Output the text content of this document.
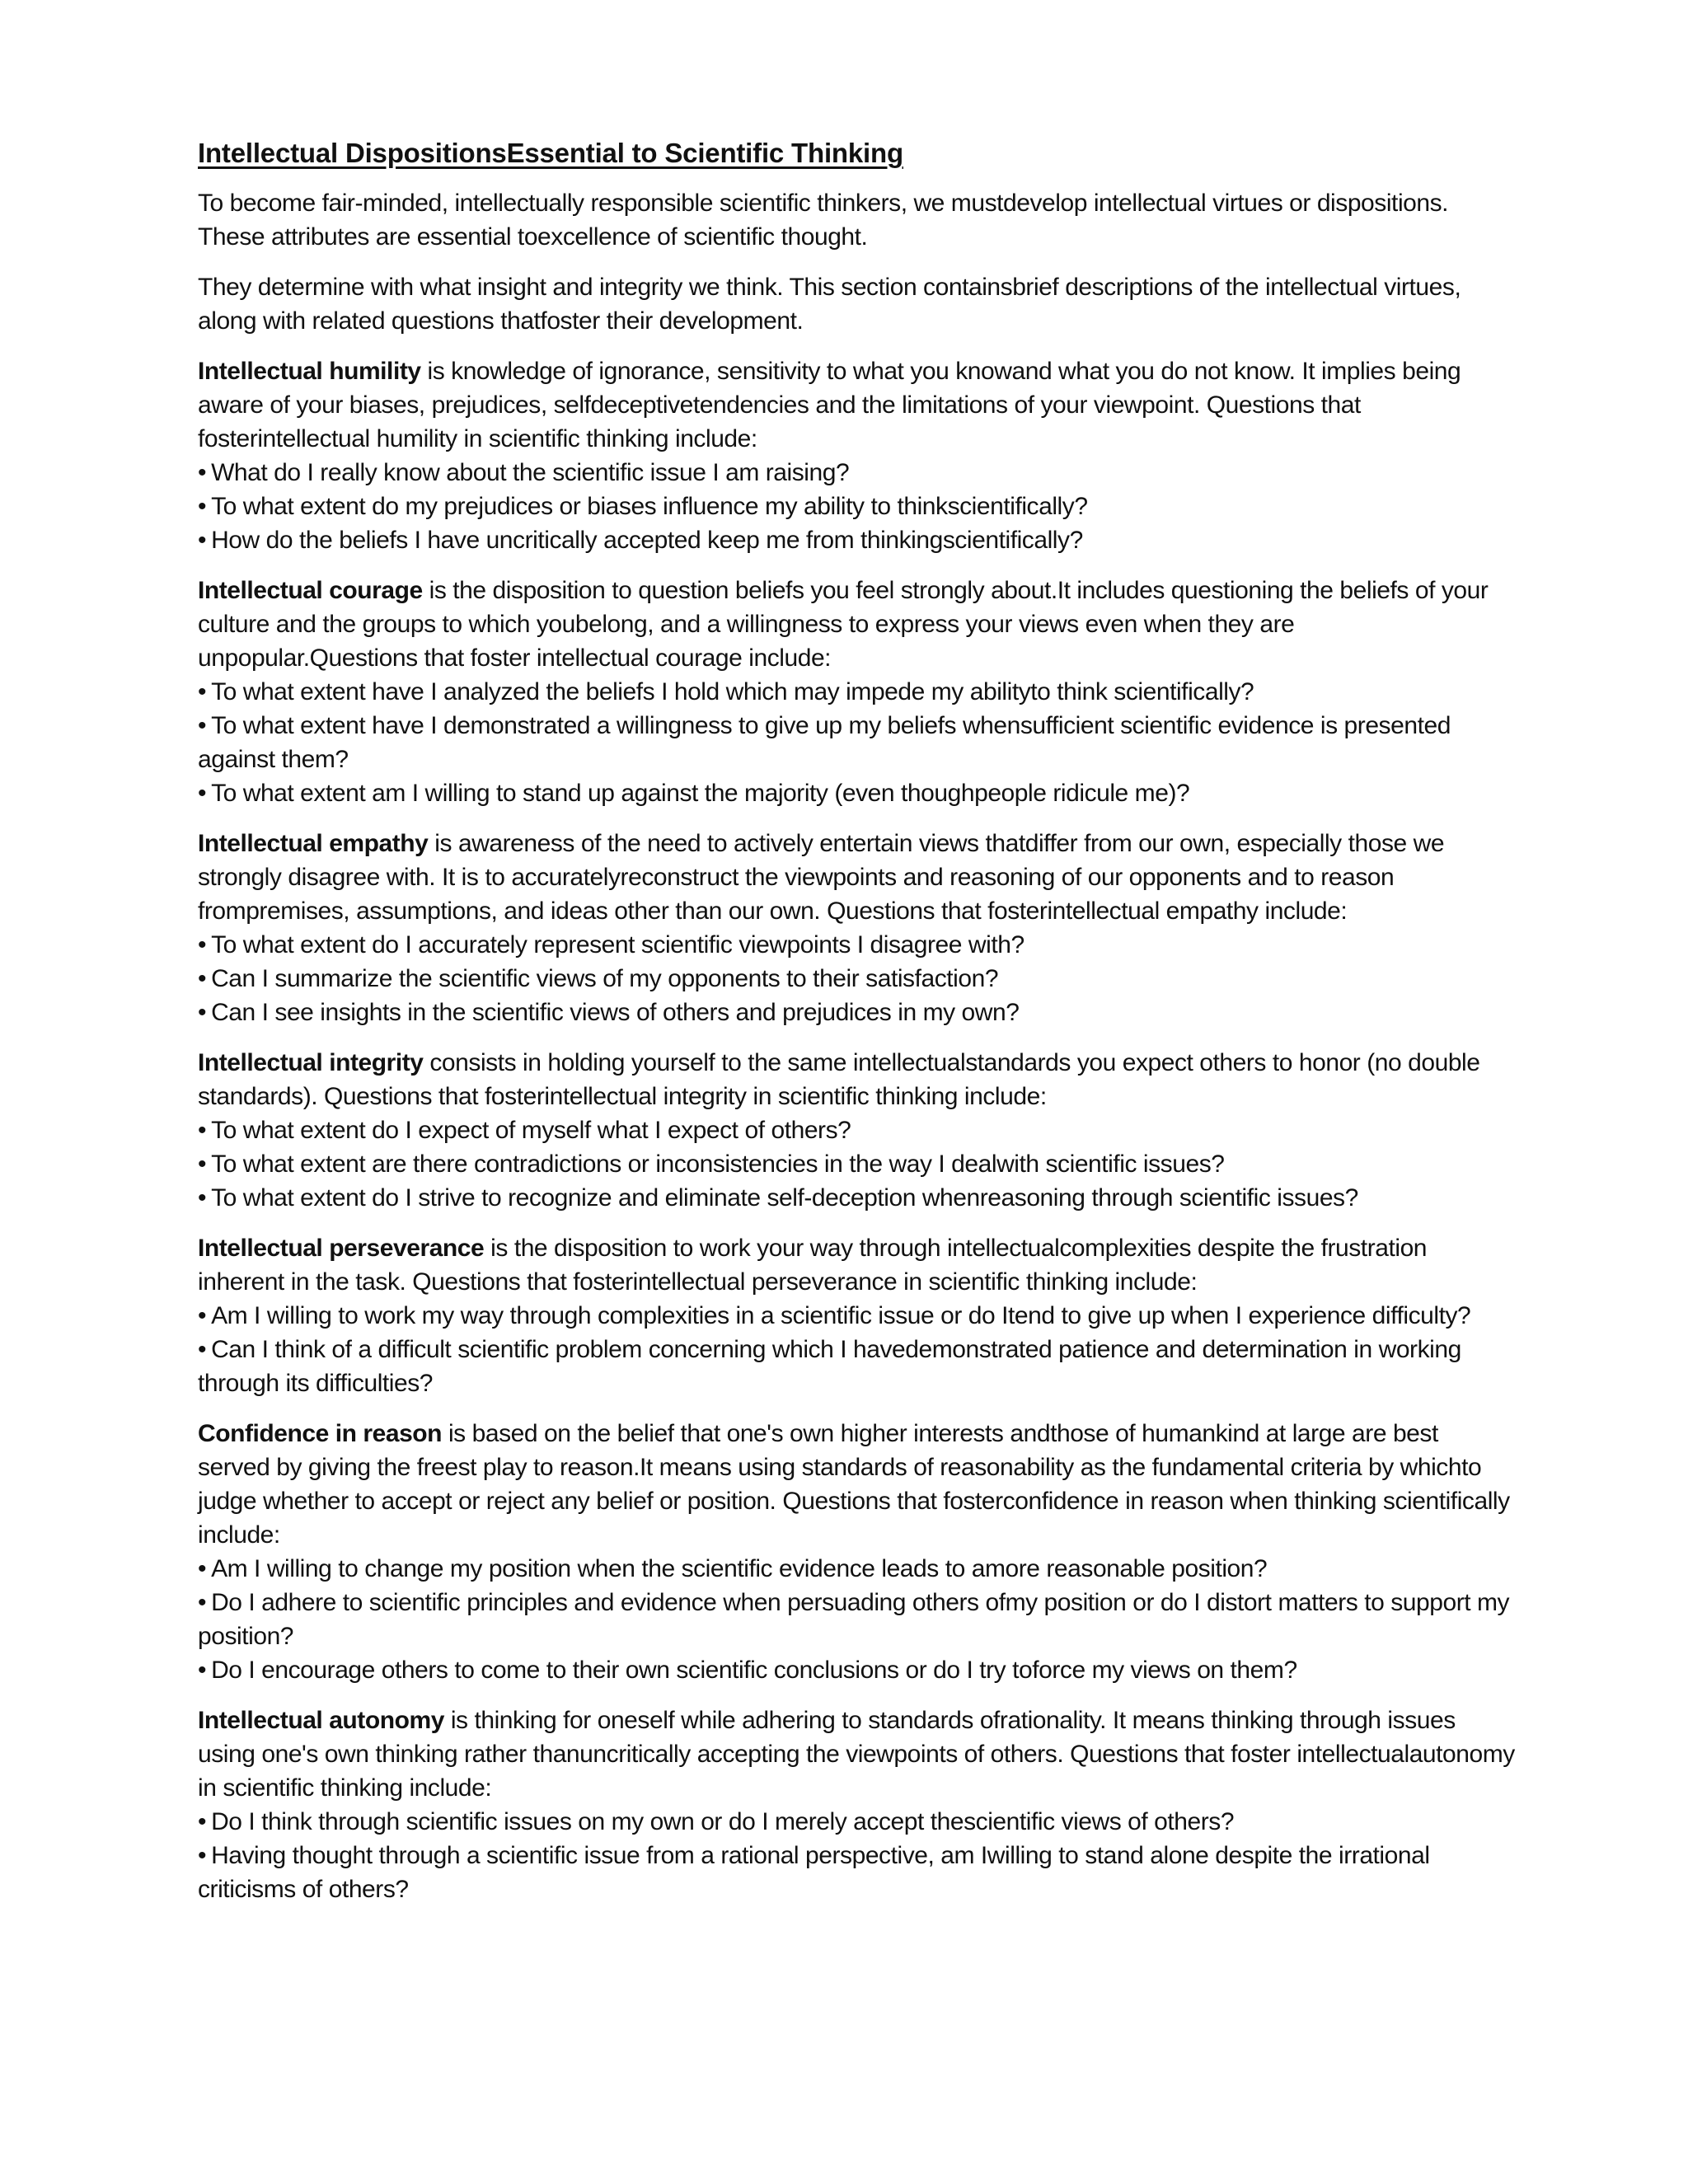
Intellectual DispositionsEssential to Scientific Thinking

To become fair-minded, intellectually responsible scientific thinkers, we mustdevelop intellectual virtues or dispositions. These attributes are essential toexcellence of scientific thought.

They determine with what insight and integrity we think. This section containsbrief descriptions of the intellectual virtues, along with related questions thatfoster their development.

Intellectual humility is knowledge of ignorance, sensitivity to what you knowand what you do not know. It implies being aware of your biases, prejudices, selfdeceptivetendencies and the limitations of your viewpoint. Questions that fosterintellectual humility in scientific thinking include:
• What do I really know about the scientific issue I am raising?
• To what extent do my prejudices or biases influence my ability to thinkscientifically?
• How do the beliefs I have uncritically accepted keep me from thinkingscientifically?
Intellectual courage is the disposition to question beliefs you feel strongly about.It includes questioning the beliefs of your culture and the groups to which youbelong, and a willingness to express your views even when they are unpopular.Questions that foster intellectual courage include:
• To what extent have I analyzed the beliefs I hold which may impede my abilityto think scientifically?
• To what extent have I demonstrated a willingness to give up my beliefs whensufficient scientific evidence is presented against them?
• To what extent am I willing to stand up against the majority (even thoughpeople ridicule me)?
Intellectual empathy is awareness of the need to actively entertain views thatdiffer from our own, especially those we strongly disagree with. It is to accuratelyreconstruct the viewpoints and reasoning of our opponents and to reason frompremises, assumptions, and ideas other than our own. Questions that fosterintellectual empathy include:
• To what extent do I accurately represent scientific viewpoints I disagree with?
• Can I summarize the scientific views of my opponents to their satisfaction?
• Can I see insights in the scientific views of others and prejudices in my own?
Intellectual integrity consists in holding yourself to the same intellectualstandards you expect others to honor (no double standards). Questions that fosterintellectual integrity in scientific thinking include:
• To what extent do I expect of myself what I expect of others?
• To what extent are there contradictions or inconsistencies in the way I dealwith scientific issues?
• To what extent do I strive to recognize and eliminate self-deception whenreasoning through scientific issues?
Intellectual perseverance is the disposition to work your way through intellectualcomplexities despite the frustration inherent in the task. Questions that fosterintellectual perseverance in scientific thinking include:
• Am I willing to work my way through complexities in a scientific issue or do Itend to give up when I experience difficulty?
• Can I think of a difficult scientific problem concerning which I havedemonstrated patience and determination in working through its difficulties?
Confidence in reason is based on the belief that one's own higher interests andthose of humankind at large are best served by giving the freest play to reason.It means using standards of reasonability as the fundamental criteria by whichto judge whether to accept or reject any belief or position. Questions that fosterconfidence in reason when thinking scientifically include:
• Am I willing to change my position when the scientific evidence leads to amore reasonable position?
• Do I adhere to scientific principles and evidence when persuading others ofmy position or do I distort matters to support my position?
• Do I encourage others to come to their own scientific conclusions or do I try toforce my views on them?
Intellectual autonomy is thinking for oneself while adhering to standards ofrationality. It means thinking through issues using one's own thinking rather thanuncritically accepting the viewpoints of others. Questions that foster intellectualautonomy in scientific thinking include:
• Do I think through scientific issues on my own or do I merely accept thescientific views of others?
• Having thought through a scientific issue from a rational perspective, am Iwilling to stand alone despite the irrational criticisms of others?
